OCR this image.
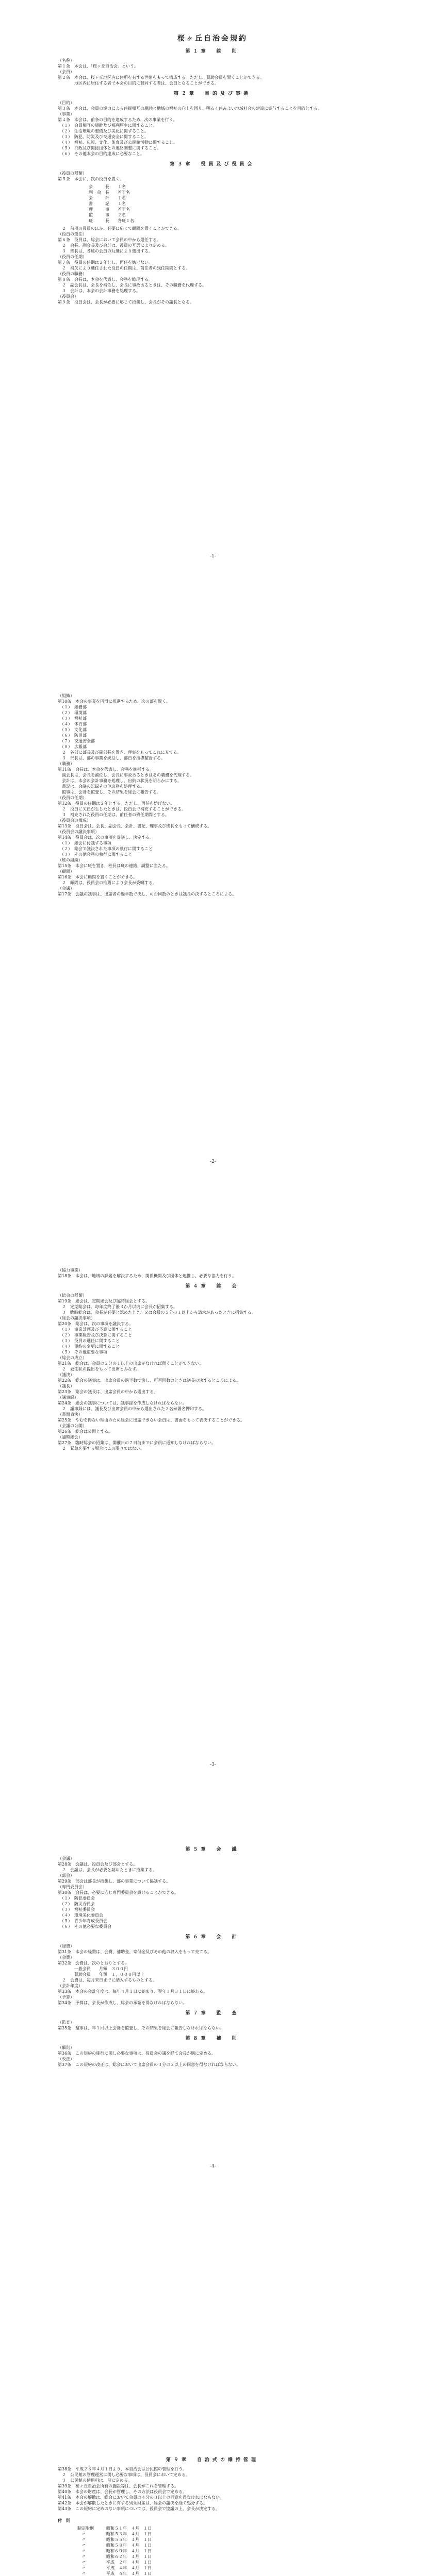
桜ヶ丘自治会規約
第１章　総　則
（名称）
第１条　本会は、「桜ヶ丘自治会」という。
（会員）
第２条　本会は、桜ヶ丘地区内に住所を有する世帯をもって構成する。ただし、賛助会員を置くことができる。
　　　　地区内に居住する者で本会の目的に賛同する者は、会員となることができる。
第２章　目的及び事業
（目的）
第３条　本会は、会員の協力による住民相互の親睦と地域の福祉の向上を図り、明るく住みよい地域社会の建設に寄与することを目的とする。
（事業）
第４条　本会は、前条の目的を達成するため、次の事業を行う。
　（１）　会員相互の親睦及び福利厚生に関すること。
　（２）　生活環境の整備及び美化に関すること。
　（３）　防犯、防災及び交通安全に関すること。
　（４）　福祉、広報、文化、体育及び公民館活動に関すること。
　（５）　行政及び関係団体との連絡調整に関すること。
　（６）　その他本会の目的達成に必要なこと。
第３章　役員及び役員会
（役員の種類）
第５条　本会に、次の役員を置く。
会　　　長　　１名
副　会　長　　若干名
会　　　計　　１名
書　　　記　　１名
理　　　事　　若干名
監　　　事　　２名
班　　　長　　各班１名
　２　前項の役員のほか、必要に応じて顧問を置くことができる。
（役員の選任）
第６条　役員は、総会において会員の中から選任する。
　２　会長、副会長及び会計は、役員の互選により定める。
　３　班長は、各班の会員の互選により選出する。
（役員の任期）
第７条　役員の任期は２年とし、再任を妨げない。
　２　補欠により選任された役員の任期は、前任者の残任期間とする。
（役員の職務）
第８条　会長は、本会を代表し、会務を総理する。
　２　副会長は、会長を補佐し、会長に事故あるときは、その職務を代理する。
　３　会計は、本会の会計事務を処理する。
（役員会）
第９条　役員会は、会長が必要に応じて招集し、会長がその議長となる。
-1-
（組織）
第10条　本会の事業を円滑に推進するため、次の部を置く。
　（１）　総務部
　（２）　環境部
　（３）　福祉部
　（４）　体育部
　（５）　文化部
　（６）　防災部
　（７）　交通安全部
　（８）　広報部
　２　各部に部長及び副部長を置き、理事をもってこれに充てる。
　３　部長は、部の事業を統括し、部員を指導監督する。
（職務）
第11条　会長は、本会を代表し、会務を統括する。
　副会長は、会長を補佐し、会長に事故あるときはその職務を代理する。
　会計は、本会の会計事務を処理し、出納の状況を明らかにする。
　書記は、会議の記録その他庶務を処理する。
　監事は、会計を監査し、その結果を総会に報告する。
（役員の任期）
第12条　役員の任期は２年とする。ただし、再任を妨げない。
　２　役員に欠員が生じたときは、役員会で補充することができる。
　３　補充された役員の任期は、前任者の残任期間とする。
（役員会の構成）
第13条　役員会は、会長、副会長、会計、書記、理事及び班長をもって構成する。
（役員会の議決事項）
第14条　役員会は、次の事項を審議し、決定する。
　（１）　総会に付議する事項
　（２）　総会で議決された事項の執行に関すること
　（３）　その他会務の執行に関すること
（班の組織）
第15条　本会に班を置き、班長は班の連絡、調整に当たる。
（顧問）
第16条　本会に顧問を置くことができる。
　２　顧問は、役員会の推薦により会長が委嘱する。
（会議）
第17条　会議の議事は、出席者の過半数で決し、可否同数のときは議長の決するところによる。
-2-
（協力事業）
第18条　本会は、地域の課題を解決するため、関係機関及び団体と連携し、必要な協力を行う。
第４章　総　会
（総会の種類）
第19条　総会は、定期総会及び臨時総会とする。
　２　定期総会は、毎年度終了後３か月以内に会長が招集する。
　３　臨時総会は、会長が必要と認めたとき、又は会員の５分の１以上から請求があったときに招集する。
（総会の議決事項）
第20条　総会は、次の事項を議決する。
　（１）　事業計画及び予算に関すること
　（２）　事業報告及び決算に関すること
　（３）　役員の選任に関すること
　（４）　規約の変更に関すること
　（５）　その他重要な事項
（総会の成立）
第21条　総会は、会員の２分の１以上の出席がなければ開くことができない。
　２　委任状の提出をもって出席とみなす。
（議決）
第22条　総会の議事は、出席会員の過半数で決し、可否同数のときは議長の決するところによる。
（議長）
第23条　総会の議長は、出席会員の中から選出する。
（議事録）
第24条　総会の議事については、議事録を作成しなければならない。
　２　議事録には、議長及び出席会員の中から選出された２名が署名押印する。
（書面表決）
第25条　やむを得ない理由のため総会に出席できない会員は、書面をもって表決することができる。
（会議の公開）
第26条　総会は公開とする。
（臨時総会）
第27条　臨時総会の招集は、開催日の７日前までに会員に通知しなければならない。
　２　緊急を要する場合はこの限りではない。
-3-
第５章　会　議
（会議）
第28条　会議は、役員会及び部会とする。
　２　会議は、会長が必要と認めたときに招集する。
（部会）
第29条　部会は部長が招集し、部の事業について協議する。
（専門委員会）
第30条　会長は、必要に応じ専門委員会を設けることができる。
　（１）　防犯委員会
　（２）　防災委員会
　（３）　福祉委員会
　（４）　環境美化委員会
　（５）　青少年育成委員会
　（６）　その他必要な委員会
第６章　会　計
（経費）
第31条　本会の経費は、会費、補助金、寄付金及びその他の収入をもって充てる。
（会費）
第32条　会費は、次のとおりとする。
　　　　一般会員　　月額　３００円
　　　　賛助会員　　年額　１，０００円以上
　２　会費は、毎月末日までに納入するものとする。
（会計年度）
第33条　本会の会計年度は、毎年４月１日に始まり、翌年３月３１日に終わる。
（予算）
第34条　予算は、会長が作成し、総会の承認を得なければならない。
第７章　監　査
（監査）
第35条　監事は、年１回以上会計を監査し、その結果を総会に報告しなければならない。
第８章　補　則
（細則）
第36条　この規約の施行に関し必要な事項は、役員会の議を経て会長が別に定める。
（改正）
第37条　この規約の改正は、総会において出席会員の３分の２以上の同意を得なければならない。
-4-
第９章　自治式の維持管理
第38条　平成２６年４月１日より、本自治会は公民館の管理を行う。
　２　公民館の管理運営に関し必要な事項は、役員会において定める。
　３　公民館の使用料は、別に定める。
第39条　桜ヶ丘自治会所有の施設等は、会長がこれを管理する。
第40条　本会の財産は、会長が管理し、その方法は役員会で定める。
第41条　本会の解散は、総会において会員の４分の３以上の同意を得なければならない。
第42条　本会が解散したときに有する残余財産は、総会の議決を経て処分する。
第43条　この規約に定めのない事項については、役員会で協議の上、会長が決定する。
付　則
　制定附則　　　昭和５１年　４月　１日
　　〃　　　　　昭和５３年　４月　１日
　　〃　　　　　昭和５５年　４月　１日
　　〃　　　　　昭和５８年　４月　１日
　　〃　　　　　昭和６０年　４月　１日
　　〃　　　　　昭和６２年　４月　１日
　　〃　　　　　平成　２年　４月　１日
　　〃　　　　　平成　４年　４月　１日
　　〃　　　　　平成　６年　４月　１日
